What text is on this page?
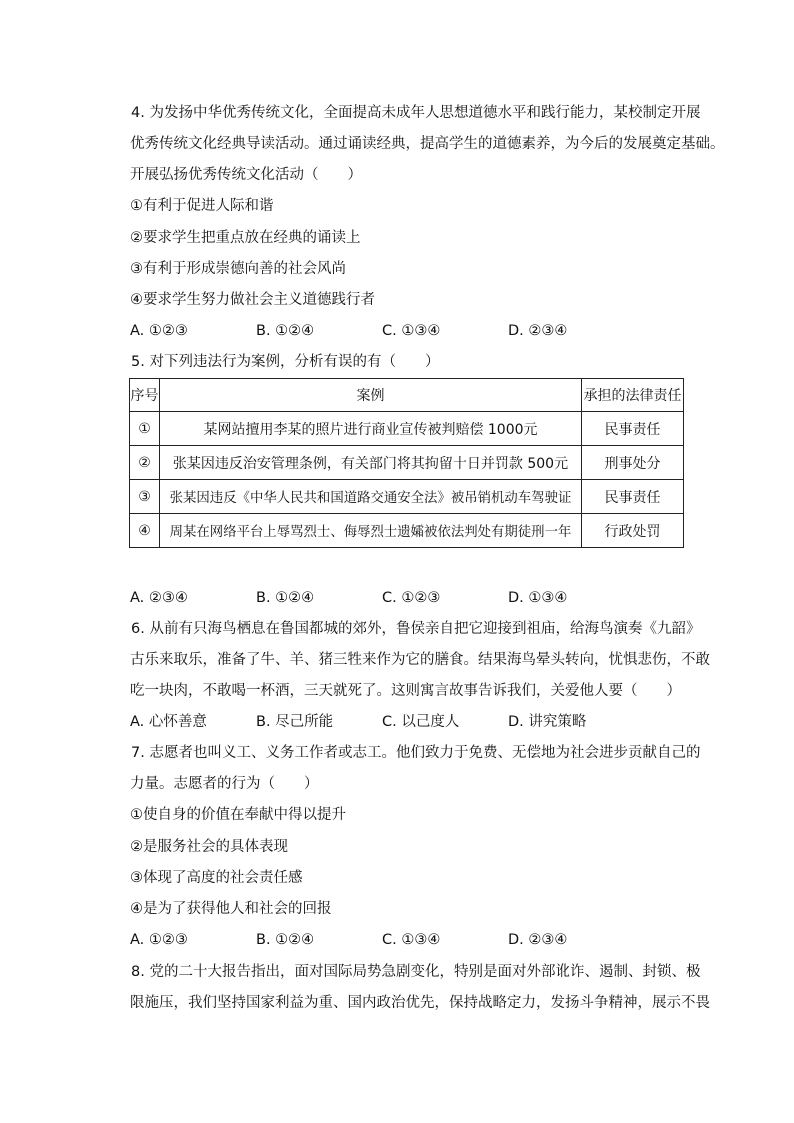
4. 为发扬中华优秀传统文化，全面提高未成年人思想道德水平和践行能力，某校制定开展
优秀传统文化经典导读活动。通过诵读经典，提高学生的道德素养，为今后的发展奠定基础。
开展弘扬优秀传统文化活动（　　）
①有利于促进人际和谐
②要求学生把重点放在经典的诵读上
③有利于形成崇德向善的社会风尚
④要求学生努力做社会主义道德践行者
A. ①②③	B. ①②④	C. ①③④	D. ②③④
5. 对下列违法行为案例，分析有误的有（　　）
序号	案例	承担的法律责任
①	某网站擅用李某的照片进行商业宣传被判赔偿 1000元	民事责任
②	张某因违反治安管理条例，有关部门将其拘留十日并罚款 500元	刑事处分
③	张某因违反《中华人民共和国道路交通安全法》被吊销机动车驾驶证	民事责任
④	周某在网络平台上辱骂烈士、侮辱烈士遗孀被依法判处有期徒刑一年	行政处罚
A. ②③④	B. ①②④	C. ①②③	D. ①③④
6. 从前有只海鸟栖息在鲁国都城的郊外，鲁侯亲自把它迎接到祖庙，给海鸟演奏《九韶》
古乐来取乐，准备了牛、羊、猪三牲来作为它的膳食。结果海鸟晕头转向，忧惧悲伤，不敢
吃一块肉，不敢喝一杯酒，三天就死了。这则寓言故事告诉我们，关爱他人要（　　）
A. 心怀善意	B. 尽己所能	C. 以己度人	D. 讲究策略
7. 志愿者也叫义工、义务工作者或志工。他们致力于免费、无偿地为社会进步贡献自己的
力量。志愿者的行为（　　）
①使自身的价值在奉献中得以提升
②是服务社会的具体表现
③体现了高度的社会责任感
④是为了获得他人和社会的回报
A. ①②③	B. ①②④	C. ①③④	D. ②③④
8. 党的二十大报告指出，面对国际局势急剧变化，特别是面对外部讹诈、遏制、封锁、极
限施压，我们坚持国家利益为重、国内政治优先，保持战略定力，发扬斗争精神，展示不畏
